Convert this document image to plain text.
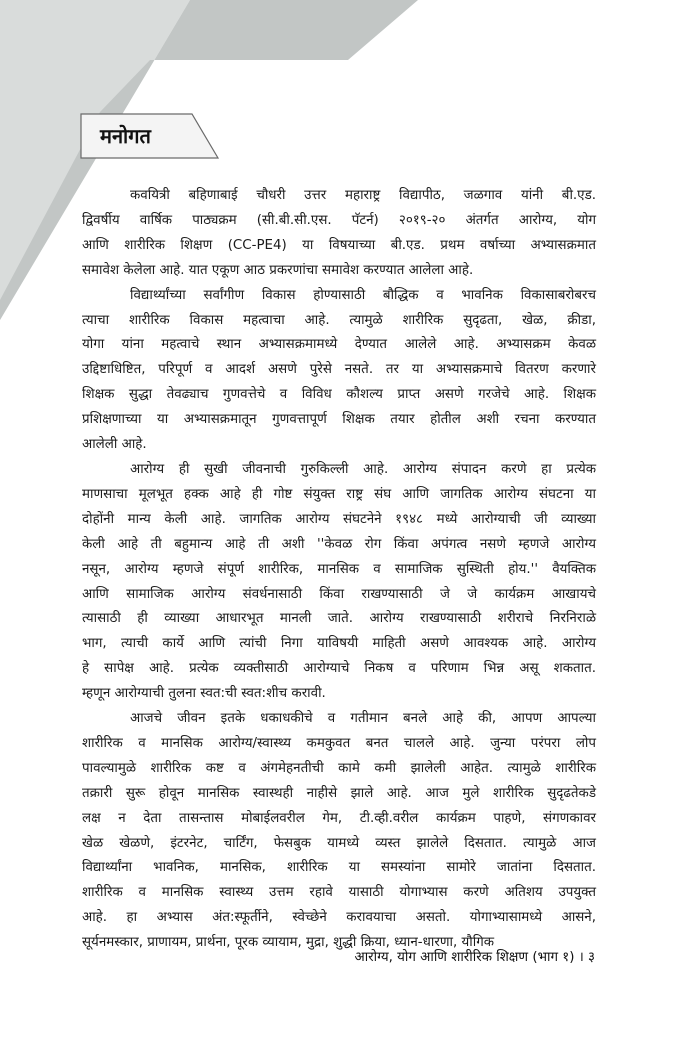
मनोगत

कवयित्री बहिणाबाई चौधरी उत्तर महाराष्ट्र विद्यापीठ, जळगाव यांनी बी.एड.
द्विवर्षीय वार्षिक पाठ्यक्रम (सी.बी.सी.एस. पॅटर्न) २०१९-२० अंतर्गत आरोग्य, योग
आणि शारीरिक शिक्षण (CC-PE4) या विषयाच्या बी.एड. प्रथम वर्षाच्या अभ्यासक्रमात
समावेश केलेला आहे. यात एकूण आठ प्रकरणांचा समावेश करण्यात आलेला आहे.

विद्यार्थ्यांच्या सर्वांगीण विकास होण्यासाठी बौद्धिक व भावनिक विकासाबरोबरच
त्याचा शारीरिक विकास महत्वाचा आहे. त्यामुळे शारीरिक सुदृढता, खेळ, क्रीडा,
योगा यांना महत्वाचे स्थान अभ्यासक्रमामध्ये देण्यात आलेले आहे. अभ्यासक्रम केवळ
उद्दिष्टाधिष्टित, परिपूर्ण व आदर्श असणे पुरेसे नसते. तर या अभ्यासक्रमाचे वितरण करणारे
शिक्षक सुद्धा तेवढ्याच गुणवत्तेचे व विविध कौशल्य प्राप्त असणे गरजेचे आहे. शिक्षक
प्रशिक्षणाच्या या अभ्यासक्रमातून गुणवत्तापूर्ण शिक्षक तयार होतील अशी रचना करण्यात
आलेली आहे.

आरोग्य ही सुखी जीवनाची गुरुकिल्ली आहे. आरोग्य संपादन करणे हा प्रत्येक
माणसाचा मूलभूत हक्क आहे ही गोष्ट संयुक्त राष्ट्र संघ आणि जागतिक आरोग्य संघटना या
दोहोंनी मान्य केली आहे. जागतिक आरोग्य संघटनेने १९४८ मध्ये आरोग्याची जी व्याख्या
केली आहे ती बहुमान्य आहे ती अशी ''केवळ रोग किंवा अपंगत्व नसणे म्हणजे आरोग्य
नसून, आरोग्य म्हणजे संपूर्ण शारीरिक, मानसिक व सामाजिक सुस्थिती होय.'' वैयक्तिक
आणि सामाजिक आरोग्य संवर्धनासाठी किंवा राखण्यासाठी जे जे कार्यक्रम आखायचे
त्यासाठी ही व्याख्या आधारभूत मानली जाते. आरोग्य राखण्यासाठी शरीराचे निरनिराळे
भाग, त्याची कार्ये आणि त्यांची निगा याविषयी माहिती असणे आवश्यक आहे. आरोग्य
हे सापेक्ष आहे. प्रत्येक व्यक्तीसाठी आरोग्याचे निकष व परिणाम भिन्न असू शकतात.
म्हणून आरोग्याची तुलना स्वत:ची स्वत:शीच करावी.

आजचे जीवन इतके धकाधकीचे व गतीमान बनले आहे की, आपण आपल्या
शारीरिक व मानसिक आरोग्य/स्वास्थ्य कमकुवत बनत चालले आहे. जुन्या परंपरा लोप
पावल्यामुळे शारीरिक कष्ट व अंगमेहनतीची कामे कमी झालेली आहेत. त्यामुळे शारीरिक
तक्रारी सुरू होवून मानसिक स्वास्थही नाहीसे झाले आहे. आज मुले शारीरिक सुदृढतेकडे
लक्ष न देता तासन्तास मोबाईलवरील गेम, टी.व्ही.वरील कार्यक्रम पाहणे, संगणकावर
खेळ खेळणे, इंटरनेट, चार्टिंग, फेसबुक यामध्ये व्यस्त झालेले दिसतात. त्यामुळे आज
विद्यार्थ्यांना भावनिक, मानसिक, शारीरिक या समस्यांना सामोरे जातांना दिसतात.
शारीरिक व मानसिक स्वास्थ्य उत्तम रहावे यासाठी योगाभ्यास करणे अतिशय उपयुक्त
आहे. हा अभ्यास अंत:स्फूर्तीने, स्वेच्छेने करावयाचा असतो. योगाभ्यासामध्ये आसने,
सूर्यनमस्कार, प्राणायम, प्रार्थना, पूरक व्यायाम, मुद्रा, शुद्धी क्रिया, ध्यान-धारणा, यौगिक

आरोग्य, योग आणि शारीरिक शिक्षण (भाग १) । ३
